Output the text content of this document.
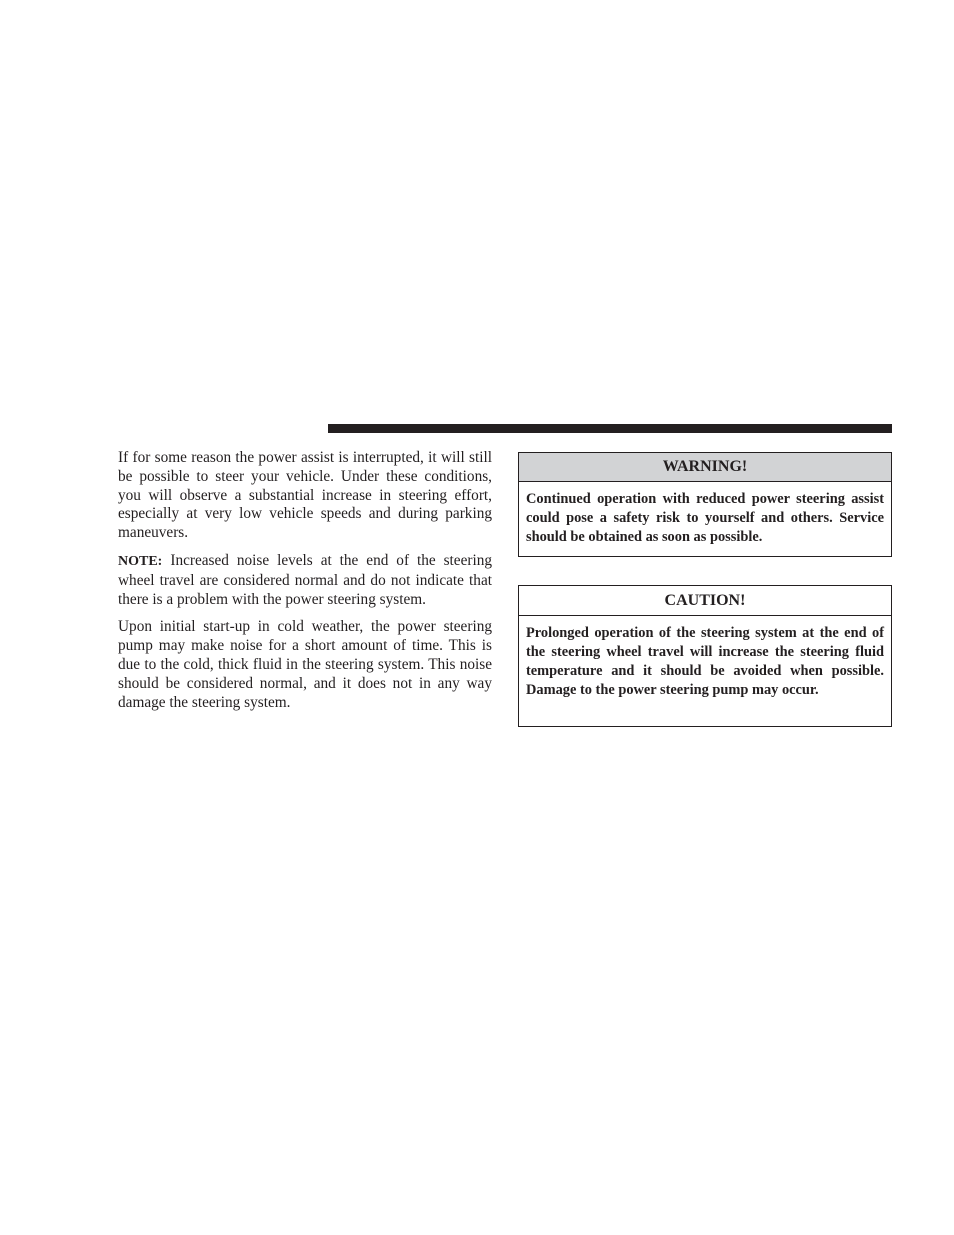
If for some reason the power assist is interrupted, it will still be possible to steer your vehicle. Under these conditions, you will observe a substantial increase in steering effort, especially at very low vehicle speeds and during parking maneuvers.

NOTE: Increased noise levels at the end of the steering wheel travel are considered normal and do not indicate that there is a problem with the power steering system.

Upon initial start-up in cold weather, the power steering pump may make noise for a short amount of time. This is due to the cold, thick fluid in the steering system. This noise should be considered normal, and it does not in any way damage the steering system.

WARNING!
Continued operation with reduced power steering assist could pose a safety risk to yourself and others. Service should be obtained as soon as possible.
CAUTION!
Prolonged operation of the steering system at the end of the steering wheel travel will increase the steering fluid temperature and it should be avoided when possible. Damage to the power steering pump may occur.
